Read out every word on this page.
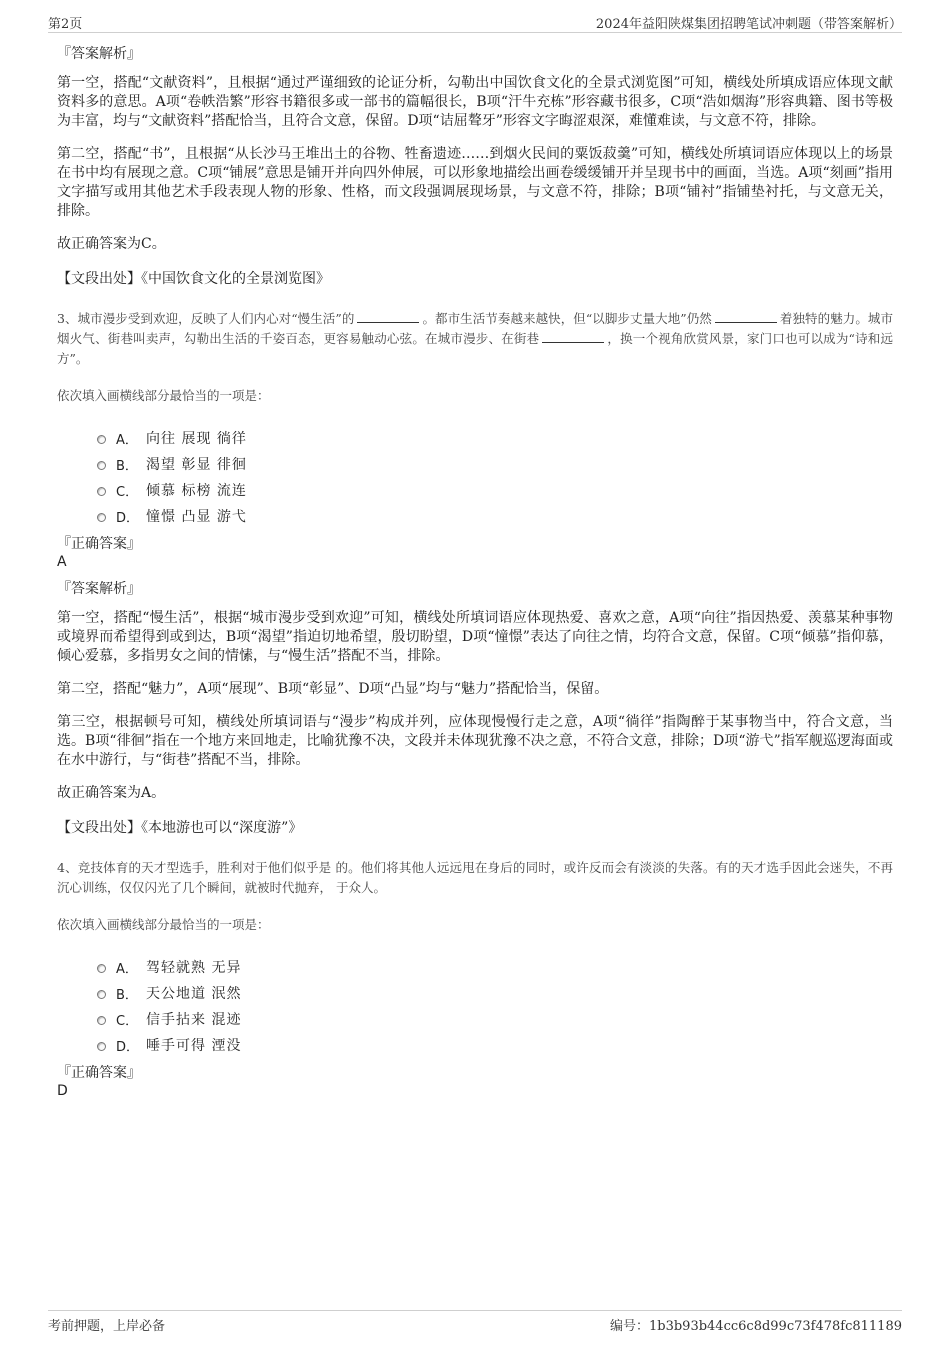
第2页	2024年益阳陕煤集团招聘笔试冲刺题（带答案解析）
『答案解析』

第一空，搭配“文献资料”，且根据“通过严谨细致的论证分析，勾勒出中国饮食文化的全景式浏览图”可知，横线处所填成语应体现文献资料多的意思。A项“卷帙浩繁”形容书籍很多或一部书的篇幅很长，B项“汗牛充栋”形容藏书很多，C项“浩如烟海”形容典籍、图书等极为丰富，均与“文献资料”搭配恰当，且符合文意，保留。D项“诘屈聱牙”形容文字晦涩艰深，难懂难读，与文意不符，排除。

第二空，搭配“书”，且根据“从长沙马王堆出土的谷物、牲畜遗迹……到烟火民间的粟饭菽羹”可知，横线处所填词语应体现以上的场景在书中均有展现之意。C项“铺展”意思是铺开并向四外伸展，可以形象地描绘出画卷缓缓铺开并呈现书中的画面，当选。A项“刻画”指用文字描写或用其他艺术手段表现人物的形象、性格，而文段强调展现场景，与文意不符，排除；B项“铺衬”指铺垫衬托，与文意无关，排除。

故正确答案为C。

【文段出处】《中国饮食文化的全景浏览图》

3、城市漫步受到欢迎，反映了人们内心对“慢生活”的	。都市生活节奏越来越快，但“以脚步丈量大地”仍然	着独特的魅力。城市烟火气、街巷叫卖声，勾勒出生活的千姿百态，更容易触动心弦。在城市漫步、在街巷	，换一个视角欣赏风景，家门口也可以成为“诗和远方”。

依次填入画横线部分最恰当的一项是：

A． 向往 展现 徜徉
B． 渴望 彰显 徘徊
C． 倾慕 标榜 流连
D． 憧憬 凸显 游弋
『正确答案』
A
『答案解析』

第一空，搭配“慢生活”，根据“城市漫步受到欢迎”可知，横线处所填词语应体现热爱、喜欢之意，A项“向往”指因热爱、羡慕某种事物或境界而希望得到或到达，B项“渴望”指迫切地希望，殷切盼望，D项“憧憬”表达了向往之情，均符合文意，保留。C项“倾慕”指仰慕，倾心爱慕，多指男女之间的情愫，与“慢生活”搭配不当，排除。

第二空，搭配“魅力”，A项“展现”、B项“彰显”、D项“凸显”均与“魅力”搭配恰当，保留。

第三空，根据顿号可知，横线处所填词语与“漫步”构成并列，应体现慢慢行走之意，A项“徜徉”指陶醉于某事物当中，符合文意，当选。B项“徘徊”指在一个地方来回地走，比喻犹豫不决，文段并未体现犹豫不决之意，不符合文意，排除；D项“游弋”指军舰巡逻海面或在水中游行，与“街巷”搭配不当，排除。

故正确答案为A。

【文段出处】《本地游也可以“深度游”》

4、竞技体育的天才型选手，胜利对于他们似乎是 的。他们将其他人远远甩在身后的同时，或许反而会有淡淡的失落。有的天才选手因此会迷失，不再沉心训练，仅仅闪光了几个瞬间，就被时代抛弃， 于众人。

依次填入画横线部分最恰当的一项是：

A． 驾轻就熟 无异
B． 天公地道 泯然
C． 信手拈来 混迹
D． 唾手可得 湮没
『正确答案』
D
考前押题，上岸必备	编号：1b3b93b44cc6c8d99c73f478fc811189
